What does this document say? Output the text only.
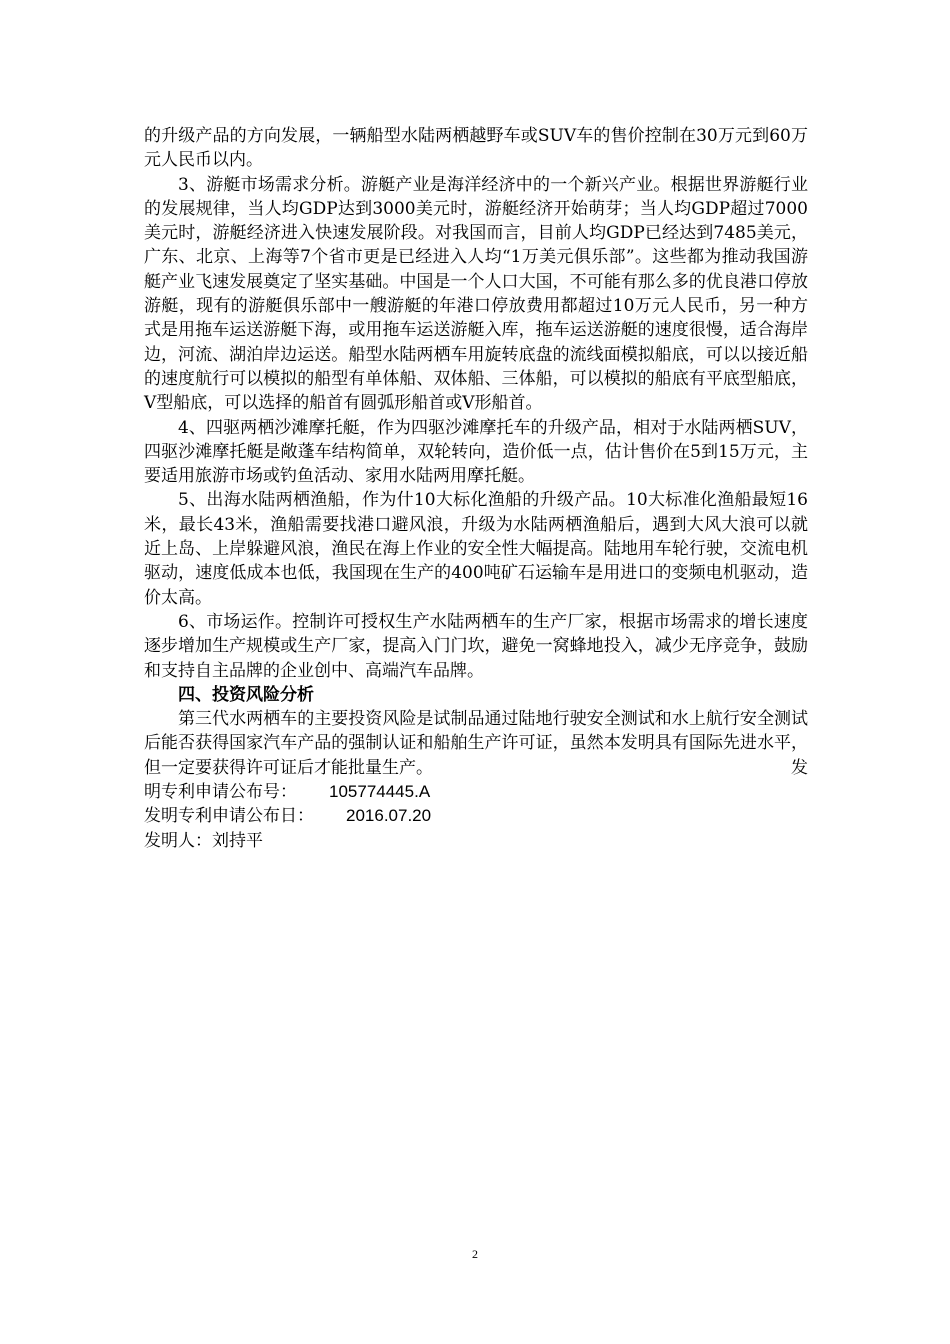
的升级产品的方向发展，一辆船型水陆两栖越野车或SUV车的售价控制在30万元到60万元人民币以内。

3、游艇市场需求分析。游艇产业是海洋经济中的一个新兴产业。根据世界游艇行业的发展规律，当人均GDP达到3000美元时，游艇经济开始萌芽；当人均GDP超过7000美元时，游艇经济进入快速发展阶段。对我国而言，目前人均GDP已经达到7485美元，广东、北京、上海等7个省市更是已经进入人均“1万美元俱乐部”。这些都为推动我国游艇产业飞速发展奠定了坚实基础。中国是一个人口大国，不可能有那么多的优良港口停放游艇，现有的游艇俱乐部中一艘游艇的年港口停放费用都超过10万元人民币，另一种方式是用拖车运送游艇下海，或用拖车运送游艇入库，拖车运送游艇的速度很慢，适合海岸边，河流、湖泊岸边运送。船型水陆两栖车用旋转底盘的流线面模拟船底，可以以接近船的速度航行可以模拟的船型有单体船、双体船、三体船，可以模拟的船底有平底型船底，V型船底，可以选择的船首有圆弧形船首或V形船首。

4、四驱两栖沙滩摩托艇，作为四驱沙滩摩托车的升级产品，相对于水陆两栖SUV，四驱沙滩摩托艇是敞蓬车结构简单，双轮转向，造价低一点，估计售价在5到15万元，主要适用旅游市场或钓鱼活动、家用水陆两用摩托艇。

5、出海水陆两栖渔船，作为什10大标化渔船的升级产品。10大标准化渔船最短16米，最长43米，渔船需要找港口避风浪，升级为水陆两栖渔船后，遇到大风大浪可以就近上岛、上岸躲避风浪，渔民在海上作业的安全性大幅提高。陆地用车轮行驶，交流电机驱动，速度低成本也低，我国现在生产的400吨矿石运输车是用进口的变频电机驱动，造价太高。

6、市场运作。控制许可授权生产水陆两栖车的生产厂家，根据市场需求的增长速度逐步增加生产规模或生产厂家，提高入门门坎，避免一窝蜂地投入，减少无序竞争，鼓励和支持自主品牌的企业创中、高端汽车品牌。

四、投资风险分析

第三代水两栖车的主要投资风险是试制品通过陆地行驶安全测试和水上航行安全测试后能否获得国家汽车产品的强制认证和船舶生产许可证，虽然本发明具有国际先进水平，但一定要获得许可证后才能批量生产。	发

明专利申请公布号： 105774445.A

发明专利申请公布日： 2016.07.20

发明人：刘持平

2
